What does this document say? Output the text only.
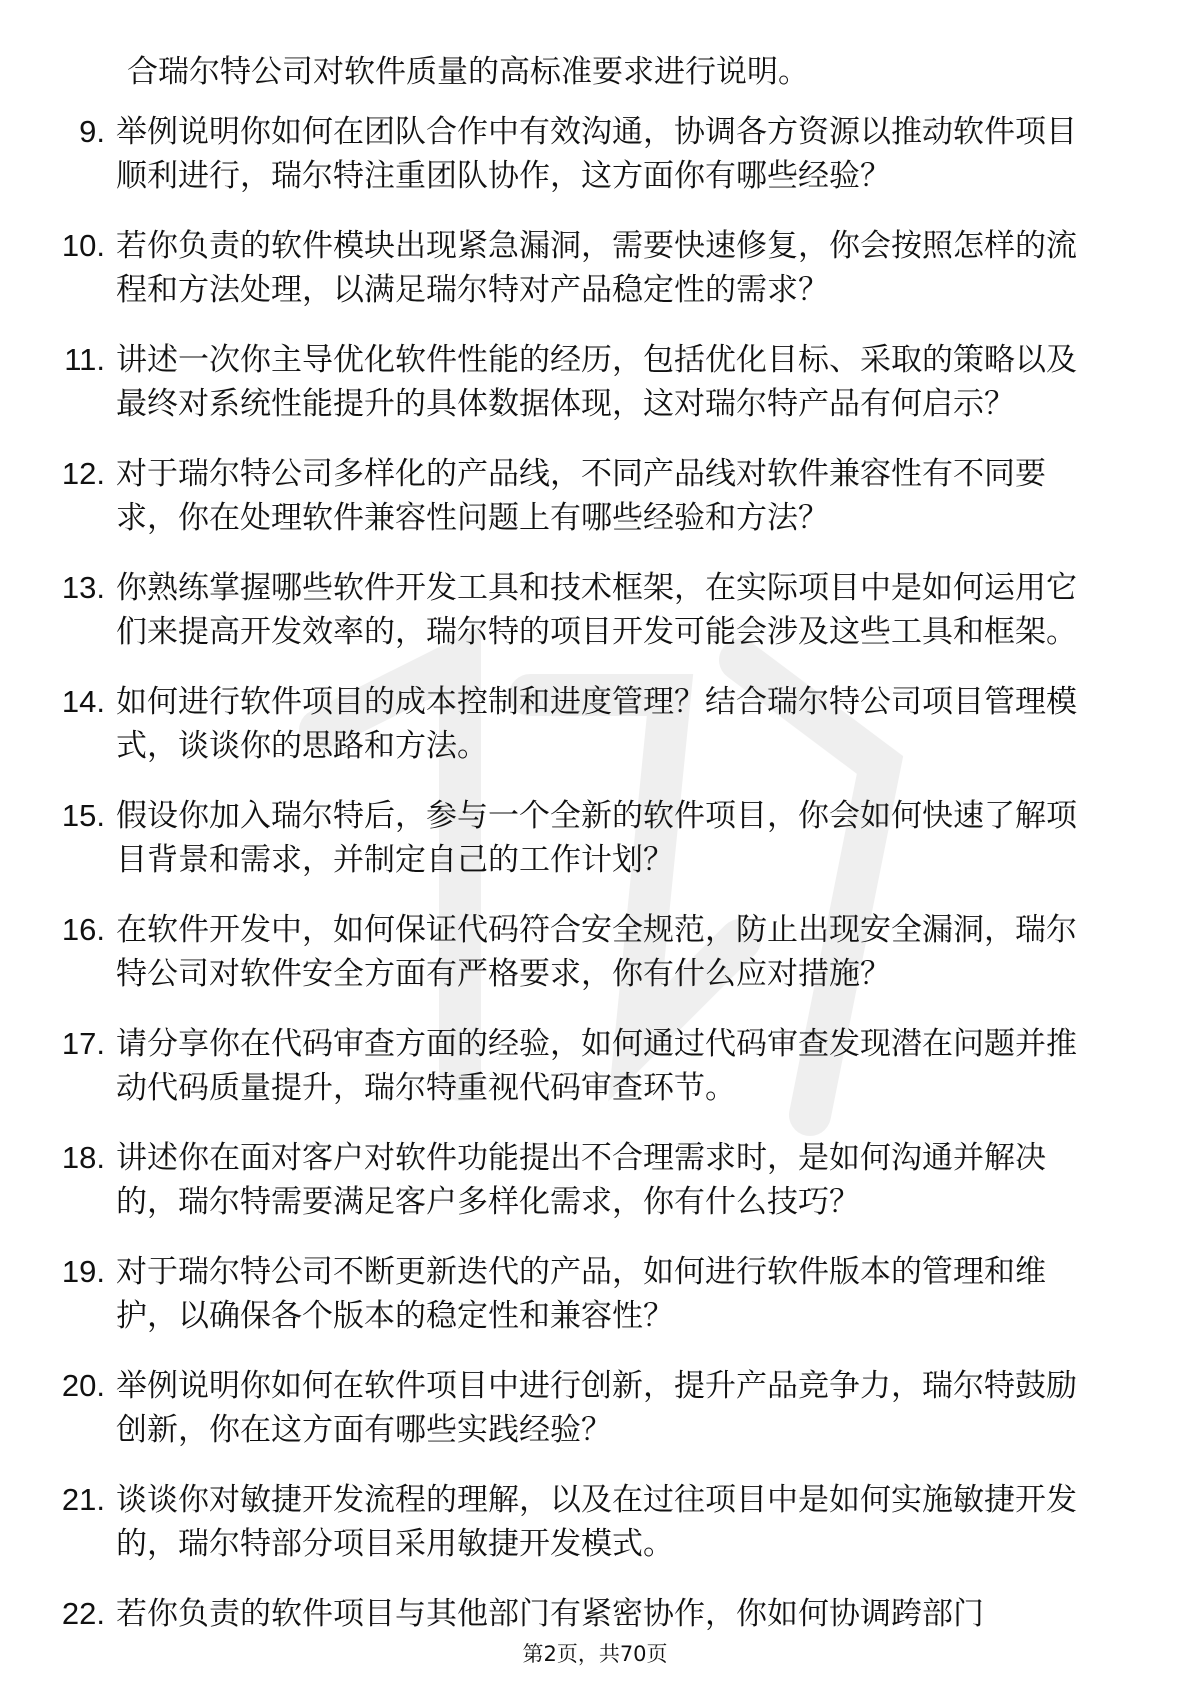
合瑞尔特公司对软件质量的高标准要求进行说明。
9. 举例说明你如何在团队合作中有效沟通，协调各方资源以推动软件项目顺利进行，瑞尔特注重团队协作，这方面你有哪些经验？
10. 若你负责的软件模块出现紧急漏洞，需要快速修复，你会按照怎样的流程和方法处理，以满足瑞尔特对产品稳定性的需求？
11. 讲述一次你主导优化软件性能的经历，包括优化目标、采取的策略以及最终对系统性能提升的具体数据体现，这对瑞尔特产品有何启示？
12. 对于瑞尔特公司多样化的产品线，不同产品线对软件兼容性有不同要求，你在处理软件兼容性问题上有哪些经验和方法？
13. 你熟练掌握哪些软件开发工具和技术框架，在实际项目中是如何运用它们来提高开发效率的，瑞尔特的项目开发可能会涉及这些工具和框架。
14. 如何进行软件项目的成本控制和进度管理？结合瑞尔特公司项目管理模式，谈谈你的思路和方法。
15. 假设你加入瑞尔特后，参与一个全新的软件项目，你会如何快速了解项目背景和需求，并制定自己的工作计划？
16. 在软件开发中，如何保证代码符合安全规范，防止出现安全漏洞，瑞尔特公司对软件安全方面有严格要求，你有什么应对措施？
17. 请分享你在代码审查方面的经验，如何通过代码审查发现潜在问题并推动代码质量提升，瑞尔特重视代码审查环节。
18. 讲述你在面对客户对软件功能提出不合理需求时，是如何沟通并解决的，瑞尔特需要满足客户多样化需求，你有什么技巧？
19. 对于瑞尔特公司不断更新迭代的产品，如何进行软件版本的管理和维护，以确保各个版本的稳定性和兼容性？
20. 举例说明你如何在软件项目中进行创新，提升产品竞争力，瑞尔特鼓励创新，你在这方面有哪些实践经验？
21. 谈谈你对敏捷开发流程的理解，以及在过往项目中是如何实施敏捷开发的，瑞尔特部分项目采用敏捷开发模式。
22. 若你负责的软件项目与其他部门有紧密协作，你如何协调跨部门
第2页，共70页
